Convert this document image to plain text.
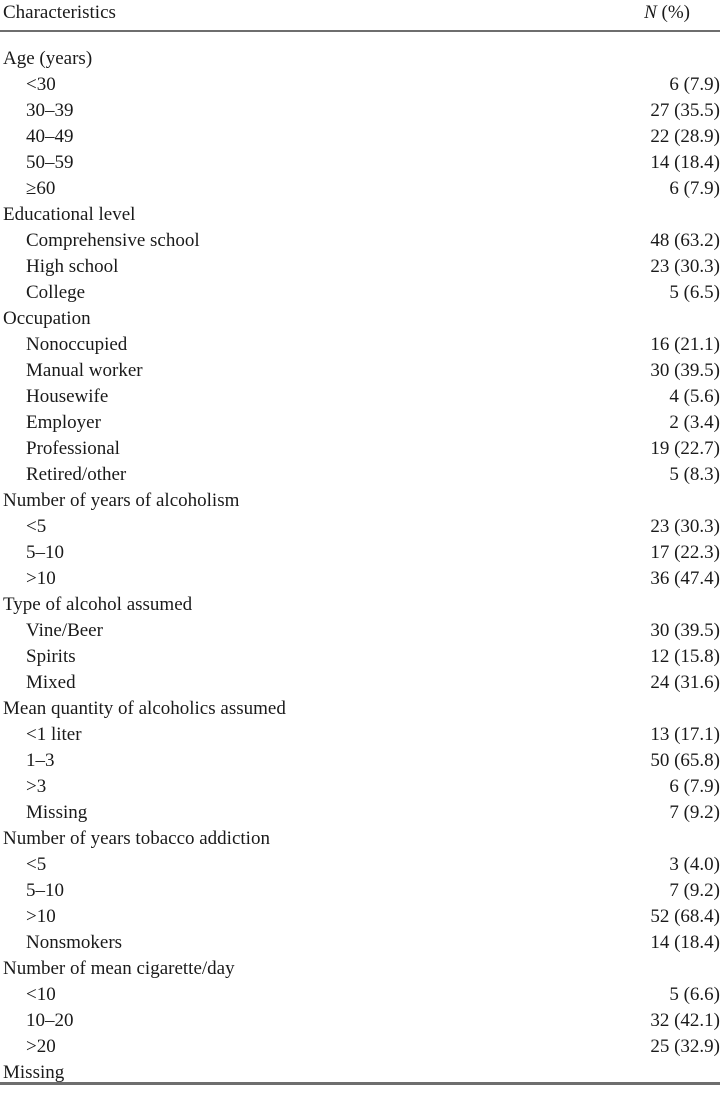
Characteristics	N (%)
Age (years)
<30	6 (7.9)
30–39	27 (35.5)
40–49	22 (28.9)
50–59	14 (18.4)
≥60	6 (7.9)
Educational level
Comprehensive school	48 (63.2)
High school	23 (30.3)
College	5 (6.5)
Occupation
Nonoccupied	16 (21.1)
Manual worker	30 (39.5)
Housewife	4 (5.6)
Employer	2 (3.4)
Professional	19 (22.7)
Retired/other	5 (8.3)
Number of years of alcoholism
<5	23 (30.3)
5–10	17 (22.3)
>10	36 (47.4)
Type of alcohol assumed
Vine/Beer	30 (39.5)
Spirits	12 (15.8)
Mixed	24 (31.6)
Mean quantity of alcoholics assumed
<1 liter	13 (17.1)
1–3	50 (65.8)
>3	6 (7.9)
Missing	7 (9.2)
Number of years tobacco addiction
<5	3 (4.0)
5–10	7 (9.2)
>10	52 (68.4)
Nonsmokers	14 (18.4)
Number of mean cigarette/day
<10	5 (6.6)
10–20	32 (42.1)
>20	25 (32.9)
Missing
